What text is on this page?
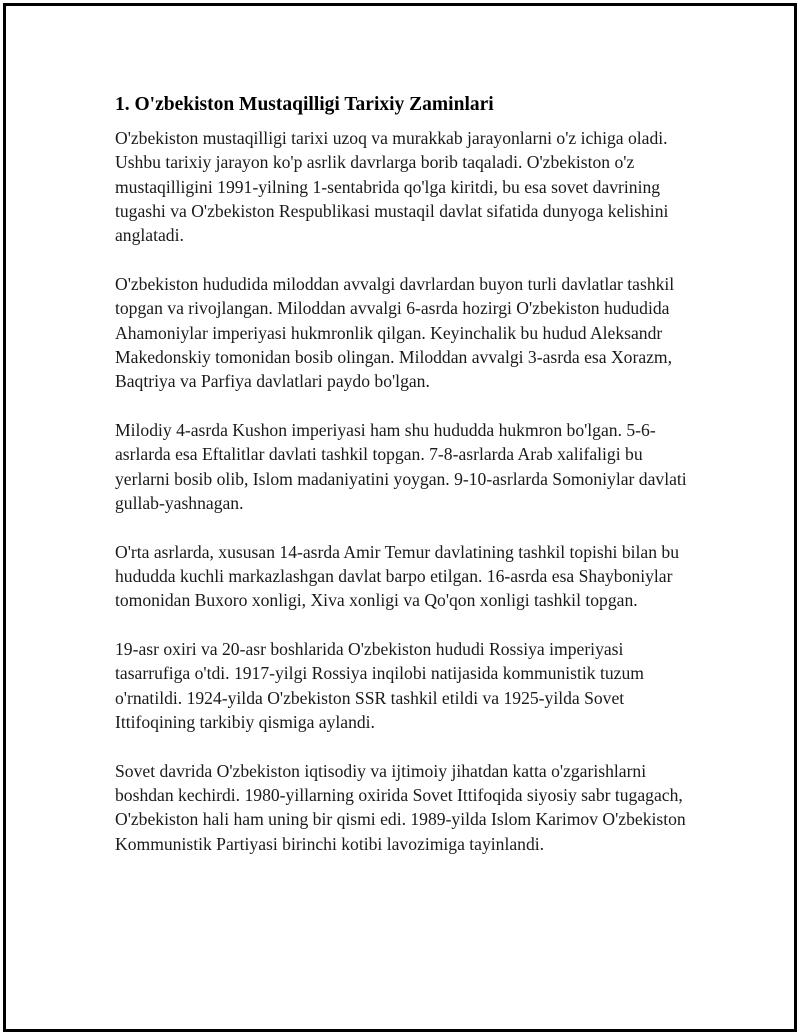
1. O'zbekiston Mustaqilligi Tarixiy Zaminlari

O'zbekiston mustaqilligi tarixi uzoq va murakkab jarayonlarni o'z ichiga oladi. Ushbu tarixiy jarayon ko'p asrlik davrlarga borib taqaladi. O'zbekiston o'z mustaqilligini 1991-yilning 1-sentabrida qo'lga kiritdi, bu esa sovet davrining tugashi va O'zbekiston Respublikasi mustaqil davlat sifatida dunyoga kelishini anglatadi.

O'zbekiston hududida miloddan avvalgi davrlardan buyon turli davlatlar tashkil topgan va rivojlangan. Miloddan avvalgi 6-asrda hozirgi O'zbekiston hududida Ahamoniylar imperiyasi hukmronlik qilgan. Keyinchalik bu hudud Aleksandr Makedonskiy tomonidan bosib olingan. Miloddan avvalgi 3-asrda esa Xorazm, Baqtriya va Parfiya davlatlari paydo bo'lgan.

Milodiy 4-asrda Kushon imperiyasi ham shu hududda hukmron bo'lgan. 5-6-asrlarda esa Eftalitlar davlati tashkil topgan. 7-8-asrlarda Arab xalifaligi bu yerlarni bosib olib, Islom madaniyatini yoygan. 9-10-asrlarda Somoniylar davlati gullab-yashnagan.

O'rta asrlarda, xususan 14-asrda Amir Temur davlatining tashkil topishi bilan bu hududda kuchli markazlashgan davlat barpo etilgan. 16-asrda esa Shayboniylar tomonidan Buxoro xonligi, Xiva xonligi va Qo'qon xonligi tashkil topgan.

19-asr oxiri va 20-asr boshlarida O'zbekiston hududi Rossiya imperiyasi tasarrufiga o'tdi. 1917-yilgi Rossiya inqilobi natijasida kommunistik tuzum o'rnatildi. 1924-yilda O'zbekiston SSR tashkil etildi va 1925-yilda Sovet Ittifoqining tarkibiy qismiga aylandi.

Sovet davrida O'zbekiston iqtisodiy va ijtimoiy jihatdan katta o'zgarishlarni boshdan kechirdi. 1980-yillarning oxirida Sovet Ittifoqida siyosiy sabr tugagach, O'zbekiston hali ham uning bir qismi edi. 1989-yilda Islom Karimov O'zbekiston Kommunistik Partiyasi birinchi kotibi lavozimiga tayinlandi.
